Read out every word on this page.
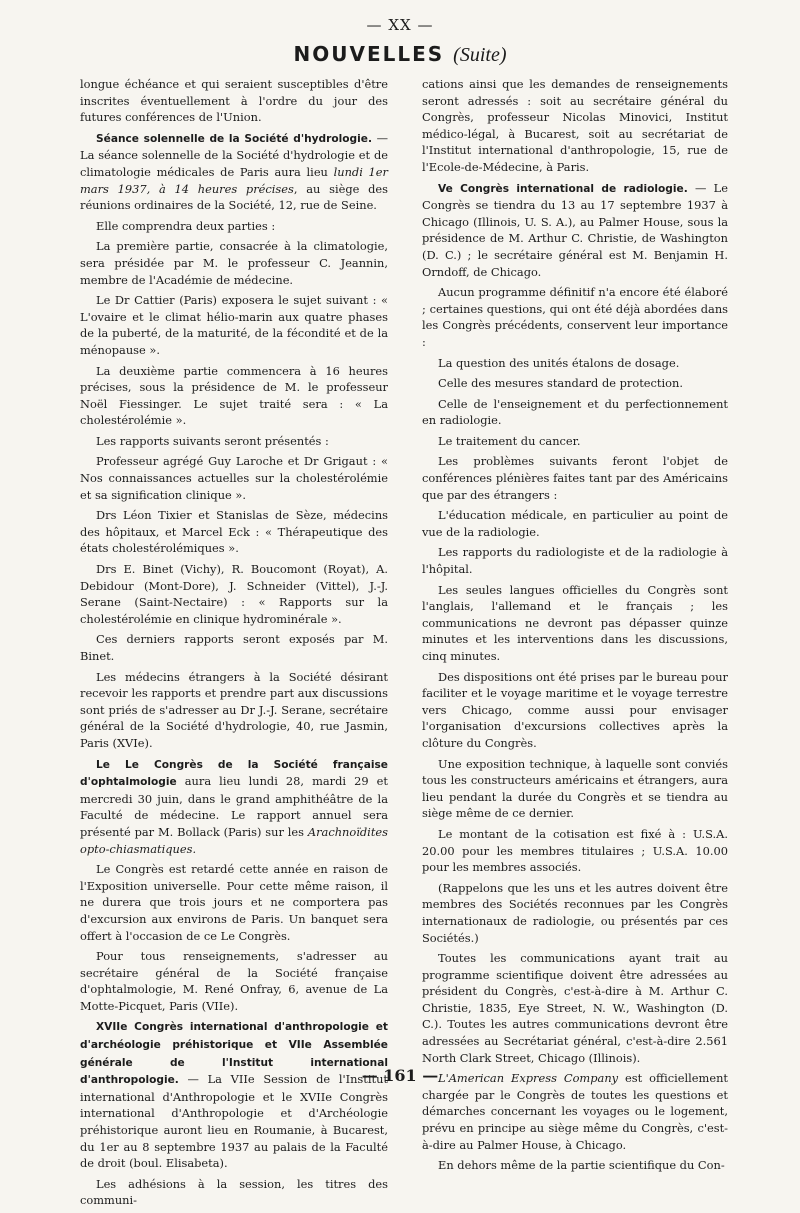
— XX —
NOUVELLES (Suite)

longue échéance et qui seraient susceptibles d'être inscrites éventuellement à l'ordre du jour des futures conférences de l'Union.

Séance solennelle de la Société d'hydrologie. — La séance solennelle de la Société d'hydrologie et de climatologie médicales de Paris aura lieu lundi 1er mars 1937, à 14 heures précises, au siège des réunions ordinaires de la Société, 12, rue de Seine.

Elle comprendra deux parties :

La première partie, consacrée à la climatologie, sera présidée par M. le professeur C. Jeannin, membre de l'Académie de médecine.

Le Dr Cattier (Paris) exposera le sujet suivant : « L'ovaire et le climat hélio-marin aux quatre phases de la puberté, de la maturité, de la fécondité et de la ménopause ».

La deuxième partie commencera à 16 heures précises, sous la présidence de M. le professeur Noël Fiessinger. Le sujet traité sera : « La cholestérolémie ».

Les rapports suivants seront présentés :

Professeur agrégé Guy Laroche et Dr Grigaut : « Nos connaissances actuelles sur la cholestérolémie et sa signification clinique ».

Drs Léon Tixier et Stanislas de Sèze, médecins des hôpitaux, et Marcel Eck : « Thérapeutique des états cholestérolémiques ».

Drs E. Binet (Vichy), R. Boucomont (Royat), A. Debidour (Mont-Dore), J. Schneider (Vittel), J.-J. Serane (Saint-Nectaire) : « Rapports sur la cholestérolémie en clinique hydrominérale ».

Ces derniers rapports seront exposés par M. Binet.

Les médecins étrangers à la Société désirant recevoir les rapports et prendre part aux discussions sont priés de s'adresser au Dr J.-J. Serane, secrétaire général de la Société d'hydrologie, 40, rue Jasmin, Paris (XVIe).

Le Le Congrès de la Société française d'ophtalmologie aura lieu lundi 28, mardi 29 et mercredi 30 juin, dans le grand amphithéâtre de la Faculté de médecine. Le rapport annuel sera présenté par M. Bollack (Paris) sur les Arachnoïdites opto-chiasmatiques.

Le Congrès est retardé cette année en raison de l'Exposition universelle. Pour cette même raison, il ne durera que trois jours et ne comportera pas d'excursion aux environs de Paris. Un banquet sera offert à l'occasion de ce Le Congrès.

Pour tous renseignements, s'adresser au secrétaire général de la Société française d'ophtalmologie, M. René Onfray, 6, avenue de La Motte-Picquet, Paris (VIIe).

XVIIe Congrès international d'anthropologie et d'archéologie préhistorique et VIIe Assemblée générale de l'Institut international d'anthropologie. — La VIIe Session de l'Institut international d'Anthropologie et le XVIIe Congrès international d'Anthropologie et d'Archéologie préhistorique auront lieu en Roumanie, à Bucarest, du 1er au 8 septembre 1937 au palais de la Faculté de droit (boul. Elisabeta).

Les adhésions à la session, les titres des communi-

cations ainsi que les demandes de renseignements seront adressés : soit au secrétaire général du Congrès, professeur Nicolas Minovici, Institut médico-légal, à Bucarest, soit au secrétariat de l'Institut international d'anthropologie, 15, rue de l'Ecole-de-Médecine, à Paris.

Ve Congrès international de radiologie. — Le Congrès se tiendra du 13 au 17 septembre 1937 à Chicago (Illinois, U. S. A.), au Palmer House, sous la présidence de M. Arthur C. Christie, de Washington (D. C.) ; le secrétaire général est M. Benjamin H. Orndoff, de Chicago.

Aucun programme définitif n'a encore été élaboré ; certaines questions, qui ont été déjà abordées dans les Congrès précédents, conservent leur importance :

La question des unités étalons de dosage.

Celle des mesures standard de protection.

Celle de l'enseignement et du perfectionnement en radiologie.

Le traitement du cancer.

Les problèmes suivants feront l'objet de conférences plénières faites tant par des Américains que par des étrangers :

L'éducation médicale, en particulier au point de vue de la radiologie.

Les rapports du radiologiste et de la radiologie à l'hôpital.

Les seules langues officielles du Congrès sont l'anglais, l'allemand et le français ; les communications ne devront pas dépasser quinze minutes et les interventions dans les discussions, cinq minutes.

Des dispositions ont été prises par le bureau pour faciliter et le voyage maritime et le voyage terrestre vers Chicago, comme aussi pour envisager l'organisation d'excursions collectives après la clôture du Congrès.

Une exposition technique, à laquelle sont conviés tous les constructeurs américains et étrangers, aura lieu pendant la durée du Congrès et se tiendra au siège même de ce dernier.

Le montant de la cotisation est fixé à : U.S.A. 20.00 pour les membres titulaires ; U.S.A. 10.00 pour les membres associés.

(Rappelons que les uns et les autres doivent être membres des Sociétés reconnues par les Congrès internationaux de radiologie, ou présentés par ces Sociétés.)

Toutes les communications ayant trait au programme scientifique doivent être adressées au président du Congrès, c'est-à-dire à M. Arthur C. Christie, 1835, Eye Street, N. W., Washington (D. C.). Toutes les autres communications devront être adressées au Secrétariat général, c'est-à-dire 2.561 North Clark Street, Chicago (Illinois).

L'American Express Company est officiellement chargée par le Congrès de toutes les questions et démarches concernant les voyages ou le logement, prévu en principe au siège même du Congrès, c'est-à-dire au Palmer House, à Chicago.

En dehors même de la partie scientifique du Con-

— 161 —
